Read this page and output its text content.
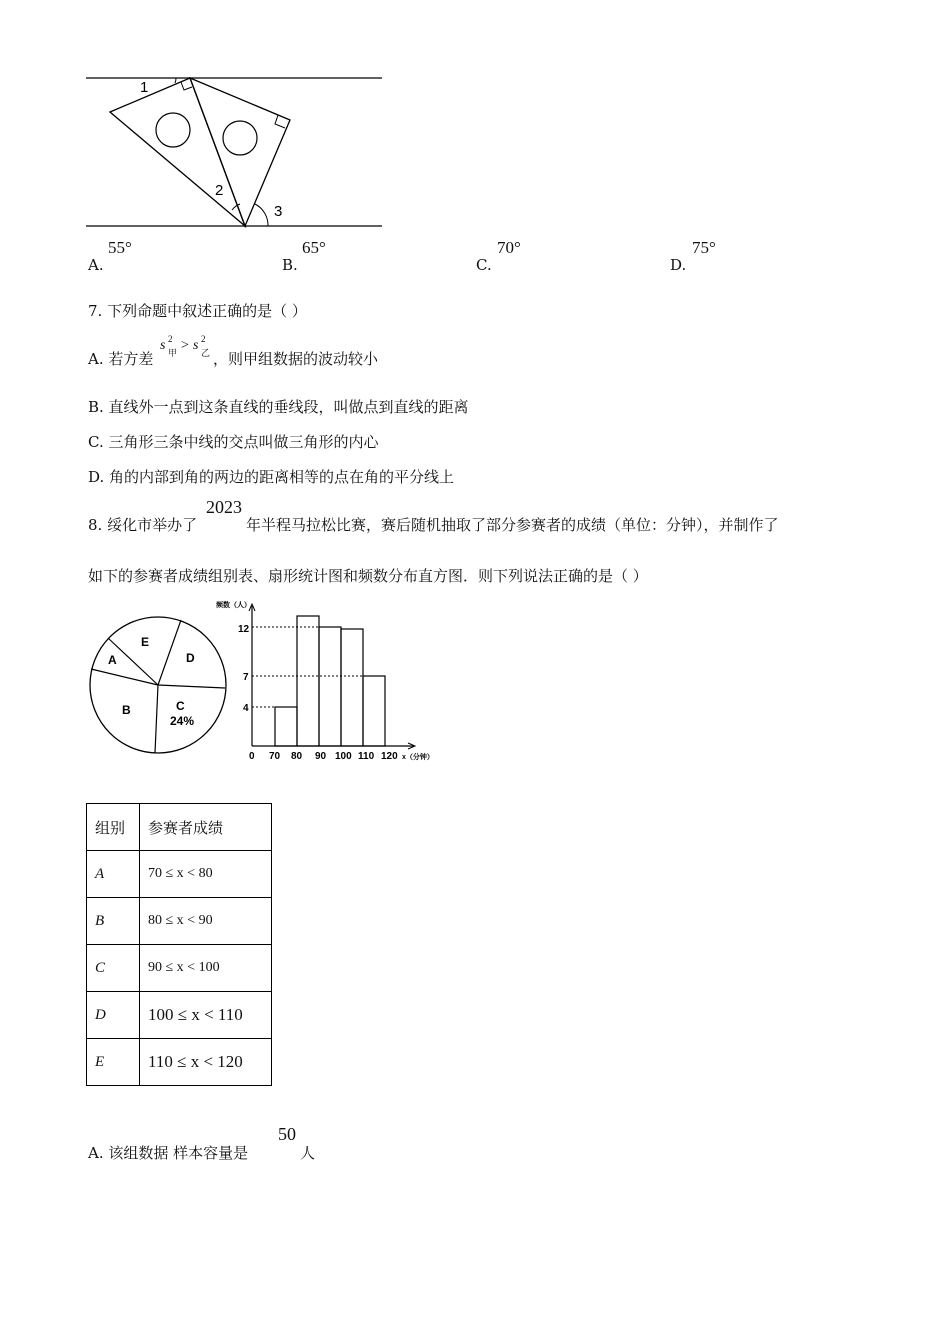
1
2
3
A.
55°
B.
65°
C.
70°
D.
75°
7. 下列命题中叙述正确的是（ ）
A. 若方差
s 2
甲
> s 2
乙 ，则甲组数据的波动较小
B. 直线外一点到这条直线的垂线段，叫做点到直线的距离
C. 三角形三条中线的交点叫做三角形的内心
D. 角的内部到角的两边的距离相等的点在角的平分线上
8. 绥化市举办了
2023
年半程马拉松比赛，赛后随机抽取了部分参赛者的成绩（单位：分钟），并制作了
如下的参赛者成绩组别表、扇形统计图和频数分布直方图．则下列说法正确的是（ ）
A
E
D
B	C
24%
频数（人）
12
7
4
0 70 80 90 100 110 120 x（分钟）
组别	参赛者成绩
A	70 ≤ x < 80
B	80 ≤ x < 90
C	90 ≤ x < 100
D	100 ≤ x < 110
E	110 ≤ x < 120
A. 该组数据 样本容量是
50
人
